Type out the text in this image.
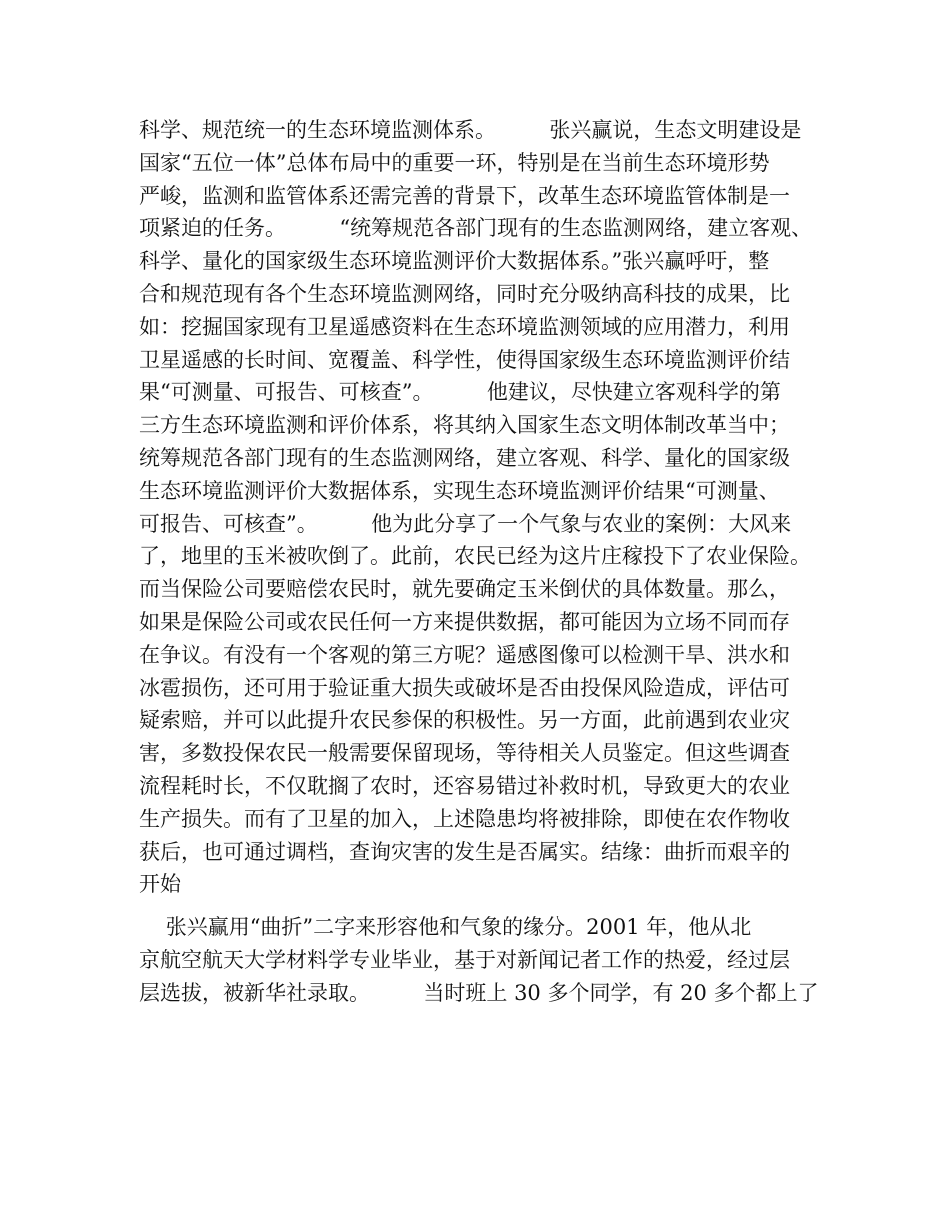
科学、规范统一的生态环境监测体系。        张兴赢说，生态文明建设是
国家“五位一体”总体布局中的重要一环，特别是在当前生态环境形势
严峻，监测和监管体系还需完善的背景下，改革生态环境监管体制是一
项紧迫的任务。        “统筹规范各部门现有的生态监测网络，建立客观、
科学、量化的国家级生态环境监测评价大数据体系。”张兴赢呼吁，整
合和规范现有各个生态环境监测网络，同时充分吸纳高科技的成果，比
如：挖掘国家现有卫星遥感资料在生态环境监测领域的应用潜力，利用
卫星遥感的长时间、宽覆盖、科学性，使得国家级生态环境监测评价结
果“可测量、可报告、可核查”。        他建议，尽快建立客观科学的第
三方生态环境监测和评价体系，将其纳入国家生态文明体制改革当中；
统筹规范各部门现有的生态监测网络，建立客观、科学、量化的国家级
生态环境监测评价大数据体系，实现生态环境监测评价结果“可测量、
可报告、可核查”。        他为此分享了一个气象与农业的案例：大风来
了，地里的玉米被吹倒了。此前，农民已经为这片庄稼投下了农业保险。
而当保险公司要赔偿农民时，就先要确定玉米倒伏的具体数量。那么，
如果是保险公司或农民任何一方来提供数据，都可能因为立场不同而存
在争议。有没有一个客观的第三方呢？遥感图像可以检测干旱、洪水和
冰雹损伤，还可用于验证重大损失或破坏是否由投保风险造成，评估可
疑索赔，并可以此提升农民参保的积极性。另一方面，此前遇到农业灾
害，多数投保农民一般需要保留现场，等待相关人员鉴定。但这些调查
流程耗时长，不仅耽搁了农时，还容易错过补救时机，导致更大的农业
生产损失。而有了卫星的加入，上述隐患均将被排除，即使在农作物收
获后，也可通过调档，查询灾害的发生是否属实。结缘：曲折而艰辛的
开始
张兴赢用“曲折”二字来形容他和气象的缘分。2001 年，他从北
京航空航天大学材料学专业毕业，基于对新闻记者工作的热爱，经过层
层选拔，被新华社录取。        当时班上 30 多个同学，有 20 多个都上了
